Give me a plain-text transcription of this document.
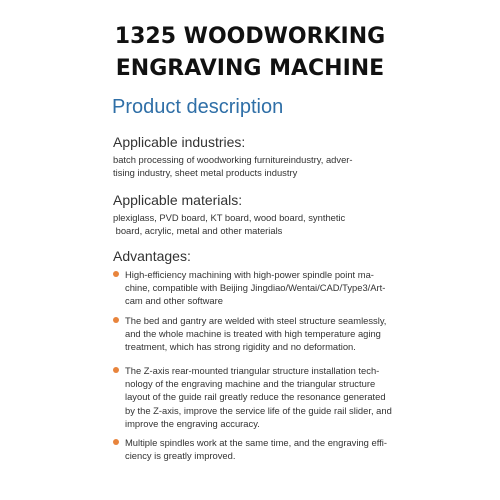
1325 WOODWORKING
ENGRAVING MACHINE
Product description
Applicable industries:
batch processing of woodworking furnitureindustry, adver-
tising industry, sheet metal products industry
Applicable materials:
plexiglass, PVD board, KT board, wood board, synthetic
board, acrylic, metal and other materials
Advantages:
High-efficiency machining with high-power spindle point ma-
chine, compatible with Beijing Jingdiao/Wentai/CAD/Type3/Art-
cam and other software
The bed and gantry are welded with steel structure seamlessly,
and the whole machine is treated with high temperature aging
treatment, which has strong rigidity and no deformation.
The Z-axis rear-mounted triangular structure installation tech-
nology of the engraving machine and the triangular structure
layout of the guide rail greatly reduce the resonance generated
by the Z-axis, improve the service life of the guide rail slider, and
improve the engraving accuracy.
Multiple spindles work at the same time, and the engraving effi-
ciency is greatly improved.
